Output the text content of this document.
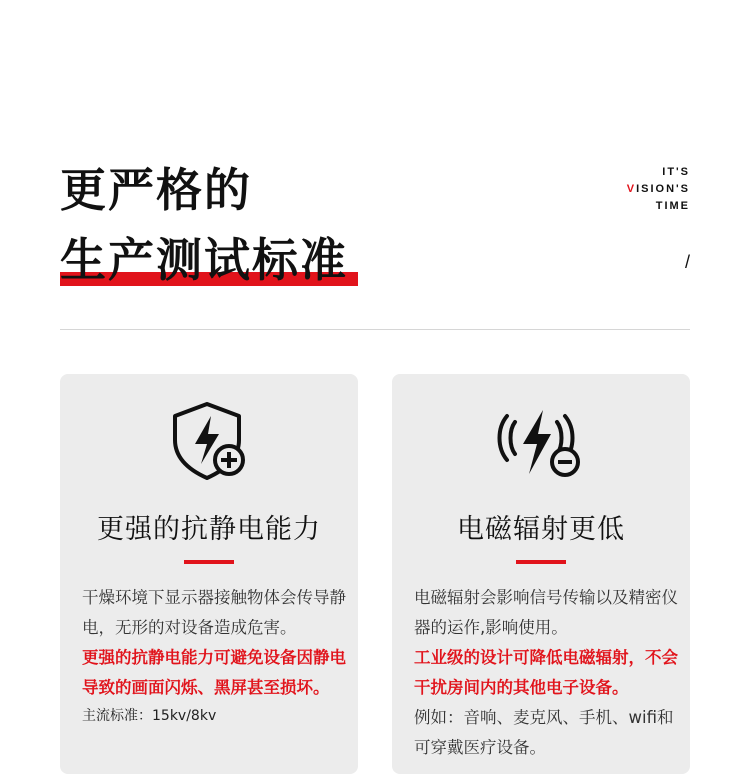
更严格的
生产测试标准
IT'S
VISION'S
TIME
/
更强的抗静电能力

干燥环境下显示器接触物体会传导静电，无形的对设备造成危害。

更强的抗静电能力可避免设备因静电导致的画面闪烁、黑屏甚至损坏。

主流标准：15kv/8kv

电磁辐射更低

电磁辐射会影响信号传输以及精密仪器的运作,影响使用。

工业级的设计可降低电磁辐射，不会干扰房间内的其他电子设备。

例如：音响、麦克风、手机、wifi和可穿戴医疗设备。
